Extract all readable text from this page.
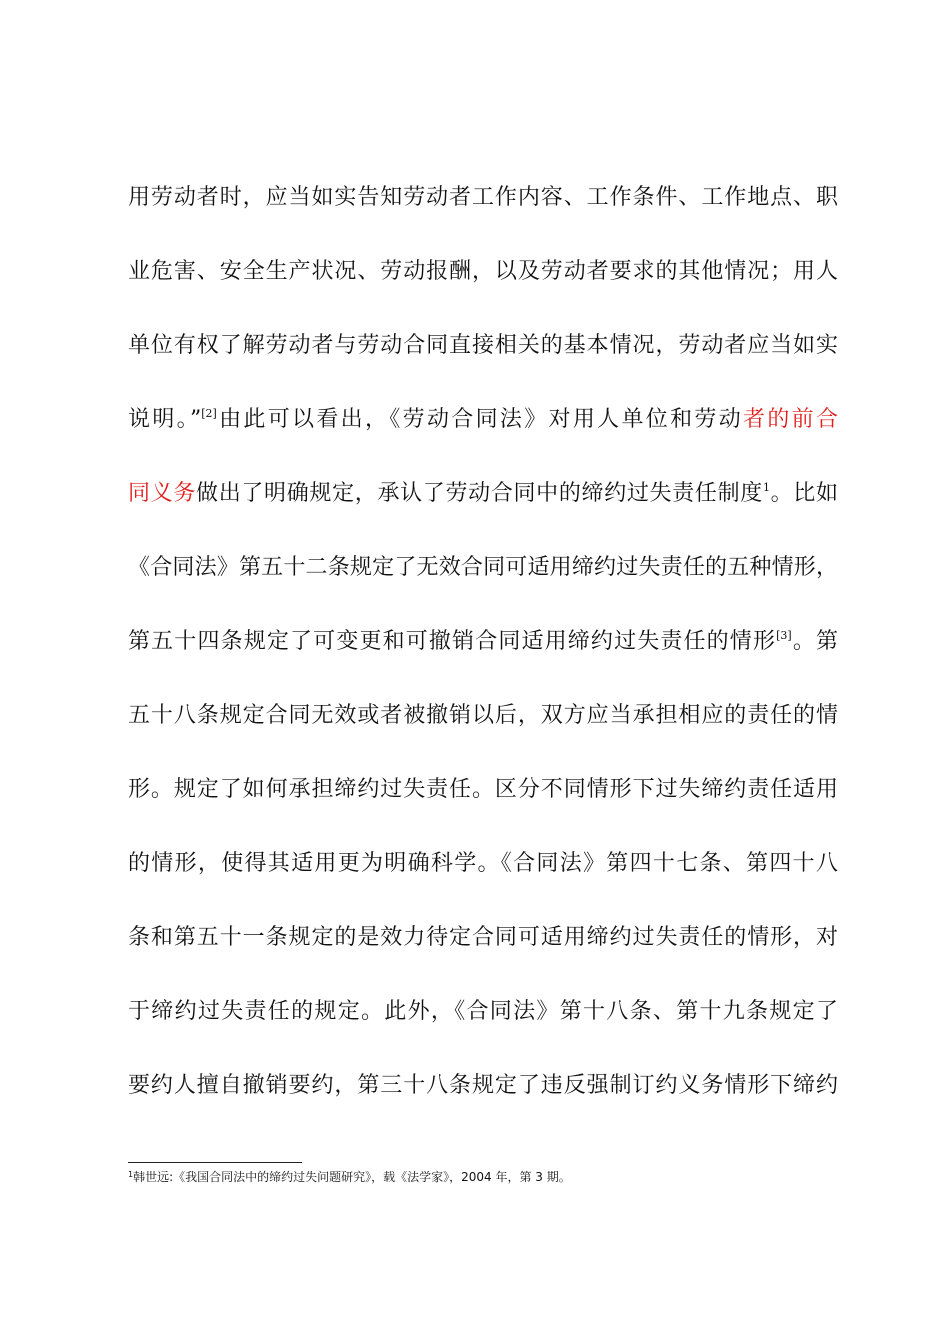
用劳动者时，应当如实告知劳动者工作内容、工作条件、工作地点、职
业危害、安全生产状况、劳动报酬，以及劳动者要求的其他情况；用人
单位有权了解劳动者与劳动合同直接相关的基本情况，劳动者应当如实
说明。”[2]由此可以看出，《劳动合同法》对用人单位和劳动者的前合
同义务做出了明确规定，承认了劳动合同中的缔约过失责任制度$^1$。比如
《合同法》第五十二条规定了无效合同可适用缔约过失责任的五种情形，
第五十四条规定了可变更和可撤销合同适用缔约过失责任的情形[3]。第
五十八条规定合同无效或者被撤销以后，双方应当承担相应的责任的情
形。规定了如何承担缔约过失责任。区分不同情形下过失缔约责任适用
的情形，使得其适用更为明确科学。《合同法》第四十七条、第四十八
条和第五十一条规定的是效力待定合同可适用缔约过失责任的情形，对
于缔约过失责任的规定。此外，《合同法》第十八条、第十九条规定了
要约人擅自撤销要约，第三十八条规定了违反强制订约义务情形下缔约
$^1$韩世远:《我国合同法中的缔约过失问题研究》，载《法学家》，2004 年，第 3 期。
